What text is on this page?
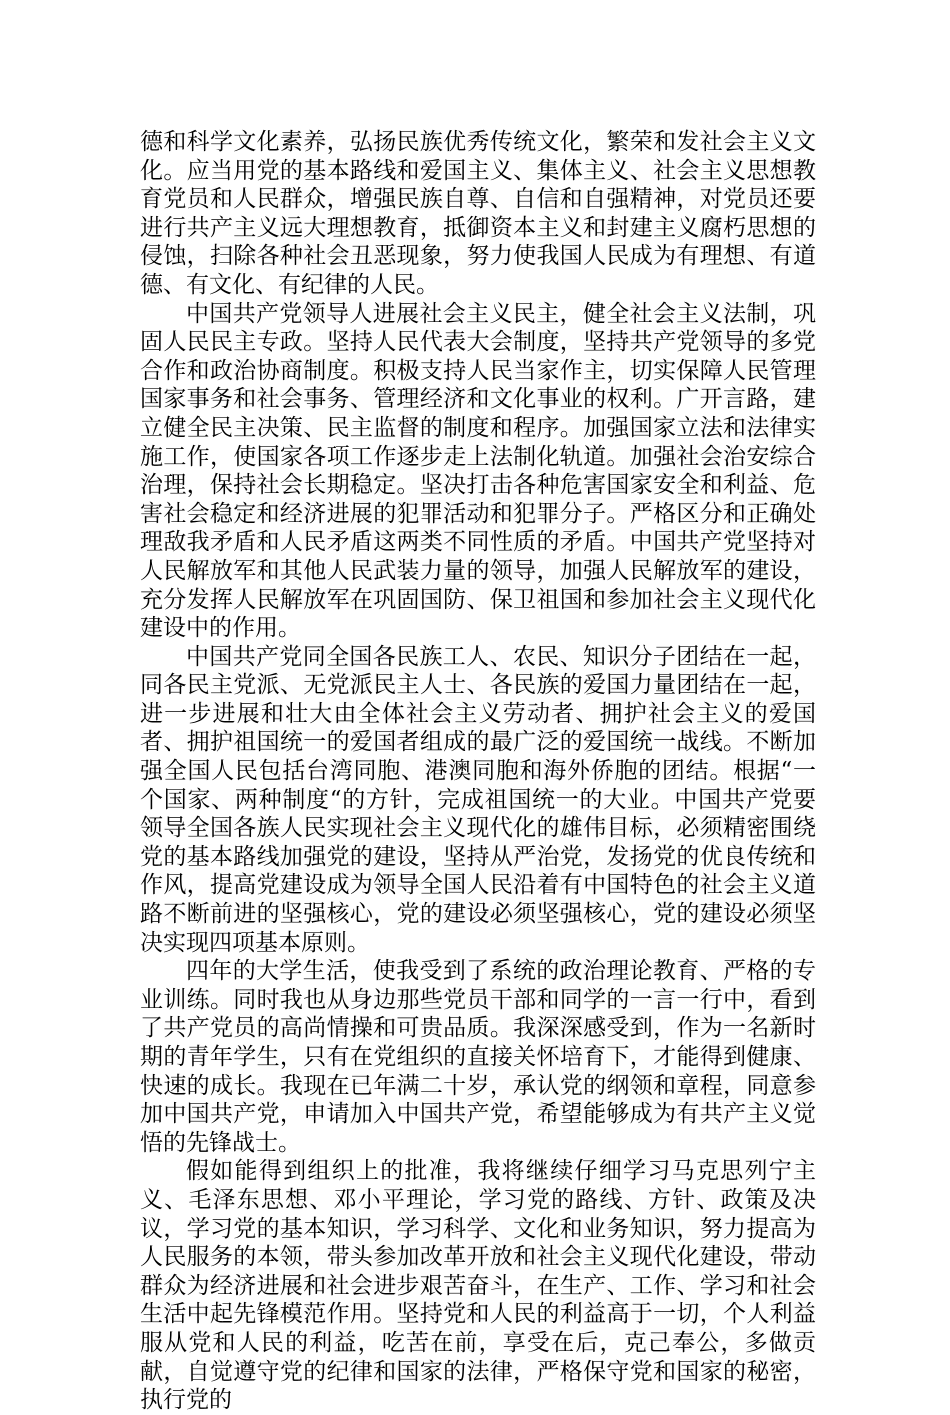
德和科学文化素养，弘扬民族优秀传统文化，繁荣和发社会主义文化。应当用党的基本路线和爱国主义、集体主义、社会主义思想教育党员和人民群众，增强民族自尊、自信和自强精神，对党员还要进行共产主义远大理想教育，抵御资本主义和封建主义腐朽思想的侵蚀，扫除各种社会丑恶现象，努力使我国人民成为有理想、有道德、有文化、有纪律的人民。

中国共产党领导人进展社会主义民主，健全社会主义法制，巩固人民民主专政。坚持人民代表大会制度，坚持共产党领导的多党合作和政治协商制度。积极支持人民当家作主，切实保障人民管理国家事务和社会事务、管理经济和文化事业的权利。广开言路，建立健全民主决策、民主监督的制度和程序。加强国家立法和法律实施工作，使国家各项工作逐步走上法制化轨道。加强社会治安综合治理，保持社会长期稳定。坚决打击各种危害国家安全和利益、危害社会稳定和经济进展的犯罪活动和犯罪分子。严格区分和正确处理敌我矛盾和人民矛盾这两类不同性质的矛盾。中国共产党坚持对人民解放军和其他人民武装力量的领导，加强人民解放军的建设，充分发挥人民解放军在巩固国防、保卫祖国和参加社会主义现代化建设中的作用。

中国共产党同全国各民族工人、农民、知识分子团结在一起，同各民主党派、无党派民主人士、各民族的爱国力量团结在一起，进一步进展和壮大由全体社会主义劳动者、拥护社会主义的爱国者、拥护祖国统一的爱国者组成的最广泛的爱国统一战线。不断加强全国人民包括台湾同胞、港澳同胞和海外侨胞的团结。根据“一个国家、两种制度“的方针，完成祖国统一的大业。中国共产党要领导全国各族人民实现社会主义现代化的雄伟目标，必须精密围绕党的基本路线加强党的建设，坚持从严治党，发扬党的优良传统和作风，提高党建设成为领导全国人民沿着有中国特色的社会主义道路不断前进的坚强核心，党的建设必须坚强核心，党的建设必须坚决实现四项基本原则。

四年的大学生活，使我受到了系统的政治理论教育、严格的专业训练。同时我也从身边那些党员干部和同学的一言一行中，看到了共产党员的高尚情操和可贵品质。我深深感受到，作为一名新时期的青年学生，只有在党组织的直接关怀培育下，才能得到健康、快速的成长。我现在已年满二十岁，承认党的纲领和章程，同意参加中国共产党，申请加入中国共产党，希望能够成为有共产主义觉悟的先锋战士。

假如能得到组织上的批准，我将继续仔细学习马克思列宁主义、毛泽东思想、邓小平理论，学习党的路线、方针、政策及决议，学习党的基本知识，学习科学、文化和业务知识，努力提高为人民服务的本领，带头参加改革开放和社会主义现代化建设，带动群众为经济进展和社会进步艰苦奋斗，在生产、工作、学习和社会生活中起先锋模范作用。坚持党和人民的利益高于一切，个人利益服从党和人民的利益，吃苦在前，享受在后，克己奉公，多做贡献，自觉遵守党的纪律和国家的法律，严格保守党和国家的秘密，执行党的
